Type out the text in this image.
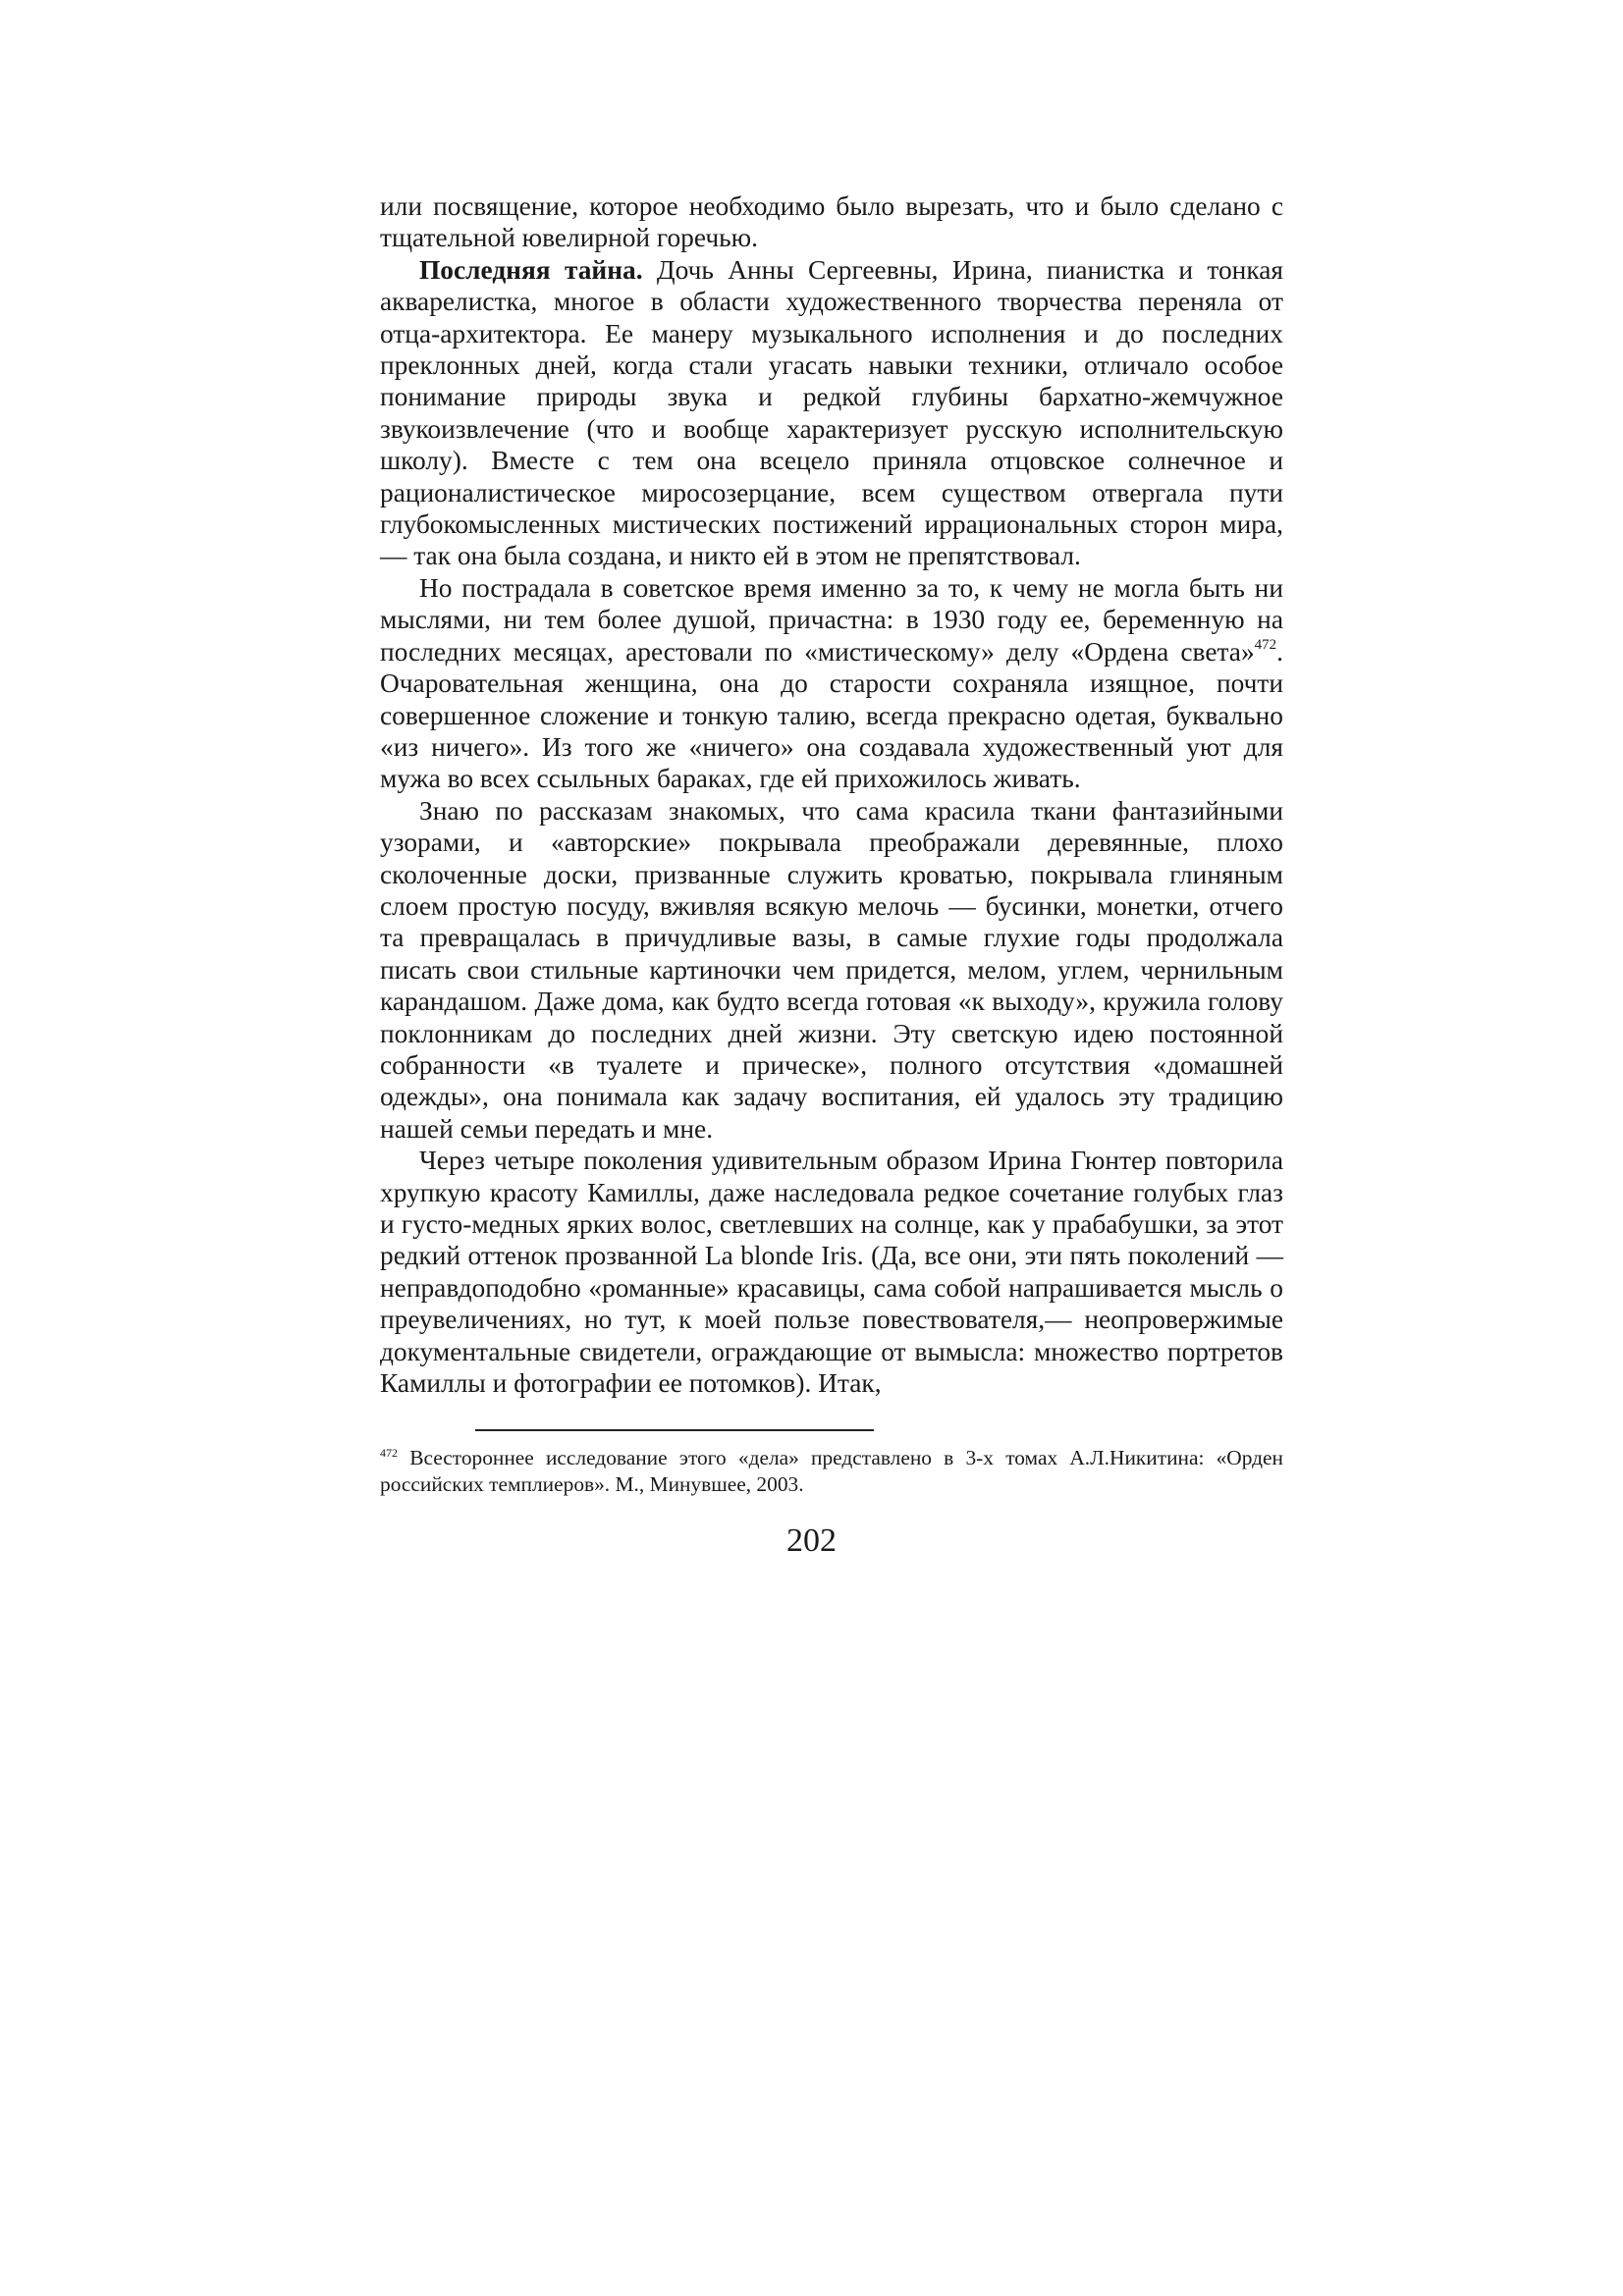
или посвящение, которое необходимо было вырезать, что и было сделано с тщательной ювелирной горечью.

Последняя тайна. Дочь Анны Сергеевны, Ирина, пианистка и тонкая акварелистка, многое в области художественного творчества переняла от отца-архитектора. Ее манеру музыкального исполнения и до последних преклонных дней, когда стали угасать навыки техники, отличало особое понимание природы звука и редкой глубины бархатно-жемчужное звукоизвлечение (что и вообще характеризует русскую исполнительскую школу). Вместе с тем она всецело приняла отцовское солнечное и рационалистическое миросозерцание, всем существом отвергала пути глубокомысленных мистических постижений иррациональных сторон мира, — так она была создана, и никто ей в этом не препятствовал.

Но пострадала в советское время именно за то, к чему не могла быть ни мыслями, ни тем более душой, причастна: в 1930 году ее, беременную на последних месяцах, арестовали по «мистическому» делу «Ордена света»$^{472}$. Очаровательная женщина, она до старости сохраняла изящное, почти совершенное сложение и тонкую талию, всегда прекрасно одетая, буквально «из ничего». Из того же «ничего» она создавала художественный уют для мужа во всех ссыльных бараках, где ей прихожилось живать.

Знаю по рассказам знакомых, что сама красила ткани фантазийными узорами, и «авторские» покрывала преображали деревянные, плохо сколоченные доски, призванные служить кроватью, покрывала глиняным слоем простую посуду, вживляя всякую мелочь — бусинки, монетки, отчего та превращалась в причудливые вазы, в самые глухие годы продолжала писать свои стильные картиночки чем придется, мелом, углем, чернильным карандашом. Даже дома, как будто всегда готовая «к выходу», кружила голову поклонникам до последних дней жизни. Эту светскую идею постоянной собранности «в туалете и прическе», полного отсутствия «домашней одежды», она понимала как задачу воспитания, ей удалось эту традицию нашей семьи передать и мне.

Через четыре поколения удивительным образом Ирина Гюнтер повторила хрупкую красоту Камиллы, даже наследовала редкое сочетание голубых глаз и густо-медных ярких волос, светлевших на солнце, как у прабабушки, за этот редкий оттенок прозванной La blonde Iris. (Да, все они, эти пять поколений — неправдоподобно «романные» красавицы, сама собой напрашивается мысль о преувеличениях, но тут, к моей пользе повествователя,— неопровержимые документальные свидетели, ограждающие от вымысла: множество портретов Камиллы и фотографии ее потомков). Итак,

$^{472}$ Всестороннее исследование этого «дела» представлено в 3-х томах А.Л.Никитина: «Орден российских темплиеров». М., Минувшее, 2003.
202
